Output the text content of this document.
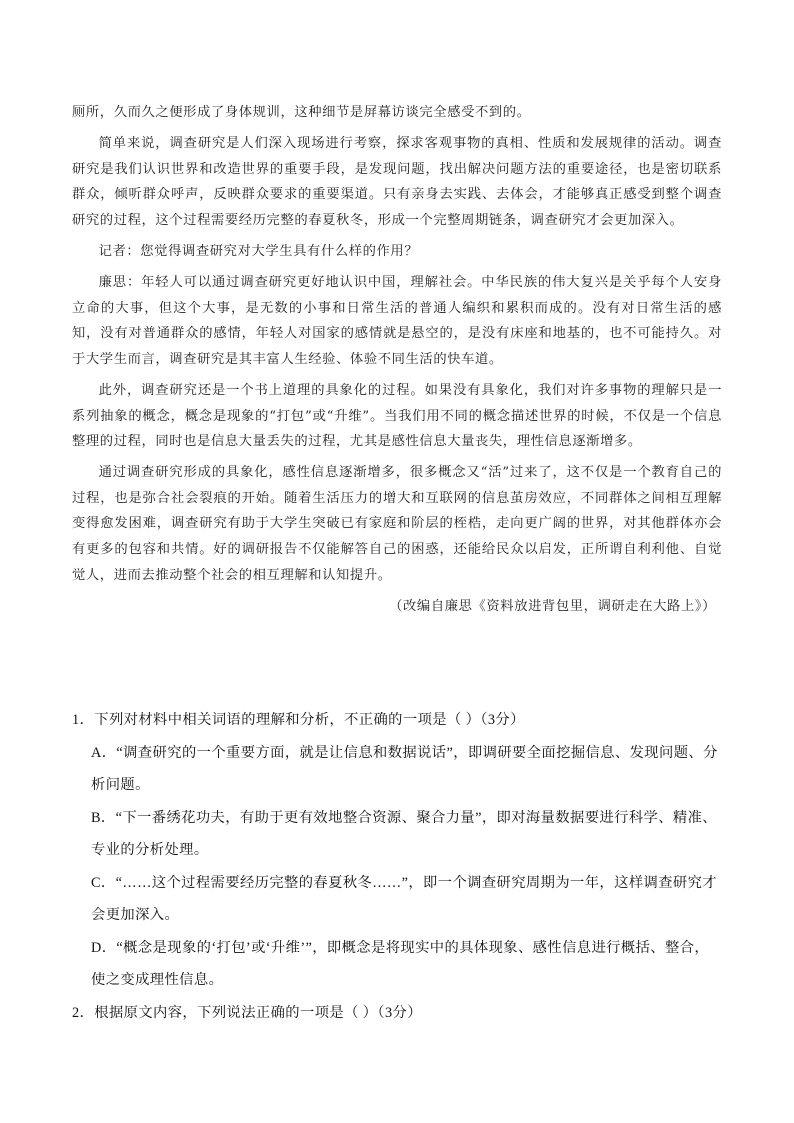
厕所，久而久之便形成了身体规训，这种细节是屏幕访谈完全感受不到的。

简单来说，调查研究是人们深入现场进行考察，探求客观事物的真相、性质和发展规律的活动。调查研究是我们认识世界和改造世界的重要手段，是发现问题，找出解决问题方法的重要途径，也是密切联系群众，倾听群众呼声，反映群众要求的重要渠道。只有亲身去实践、去体会，才能够真正感受到整个调查研究的过程，这个过程需要经历完整的春夏秋冬，形成一个完整周期链条，调查研究才会更加深入。

记者：您觉得调查研究对大学生具有什么样的作用？

廉思：年轻人可以通过调查研究更好地认识中国，理解社会。中华民族的伟大复兴是关乎每个人安身立命的大事，但这个大事，是无数的小事和日常生活的普通人编织和累积而成的。没有对日常生活的感知，没有对普通群众的感情，年轻人对国家的感情就是悬空的，是没有床座和地基的，也不可能持久。对于大学生而言，调查研究是其丰富人生经验、体验不同生活的快车道。

此外，调查研究还是一个书上道理的具象化的过程。如果没有具象化，我们对许多事物的理解只是一系列抽象的概念，概念是现象的“打包”或“升维”。当我们用不同的概念描述世界的时候，不仅是一个信息整理的过程，同时也是信息大量丢失的过程，尤其是感性信息大量丧失，理性信息逐渐增多。

通过调查研究形成的具象化，感性信息逐渐增多，很多概念又“活”过来了，这不仅是一个教育自己的过程，也是弥合社会裂痕的开始。随着生活压力的增大和互联网的信息茧房效应，不同群体之间相互理解变得愈发困难，调查研究有助于大学生突破已有家庭和阶层的桎梏，走向更广阔的世界，对其他群体亦会有更多的包容和共情。好的调研报告不仅能解答自己的困惑，还能给民众以启发，正所谓自利利他、自觉觉人，进而去推动整个社会的相互理解和认知提升。

（改编自廉思《资料放进背包里，调研走在大路上》）

1．下列对材料中相关词语的理解和分析，不正确的一项是（ ）（3分）

A．“调查研究的一个重要方面，就是让信息和数据说话”，即调研要全面挖掘信息、发现问题、分析问题。

B．“下一番绣花功夫，有助于更有效地整合资源、聚合力量”，即对海量数据要进行科学、精准、专业的分析处理。

C．“……这个过程需要经历完整的春夏秋冬……”，即一个调查研究周期为一年，这样调查研究才会更加深入。

D．“概念是现象的‘打包’或‘升维’”，即概念是将现实中的具体现象、感性信息进行概括、整合，使之变成理性信息。

2．根据原文内容，下列说法正确的一项是（ ）（3分）
